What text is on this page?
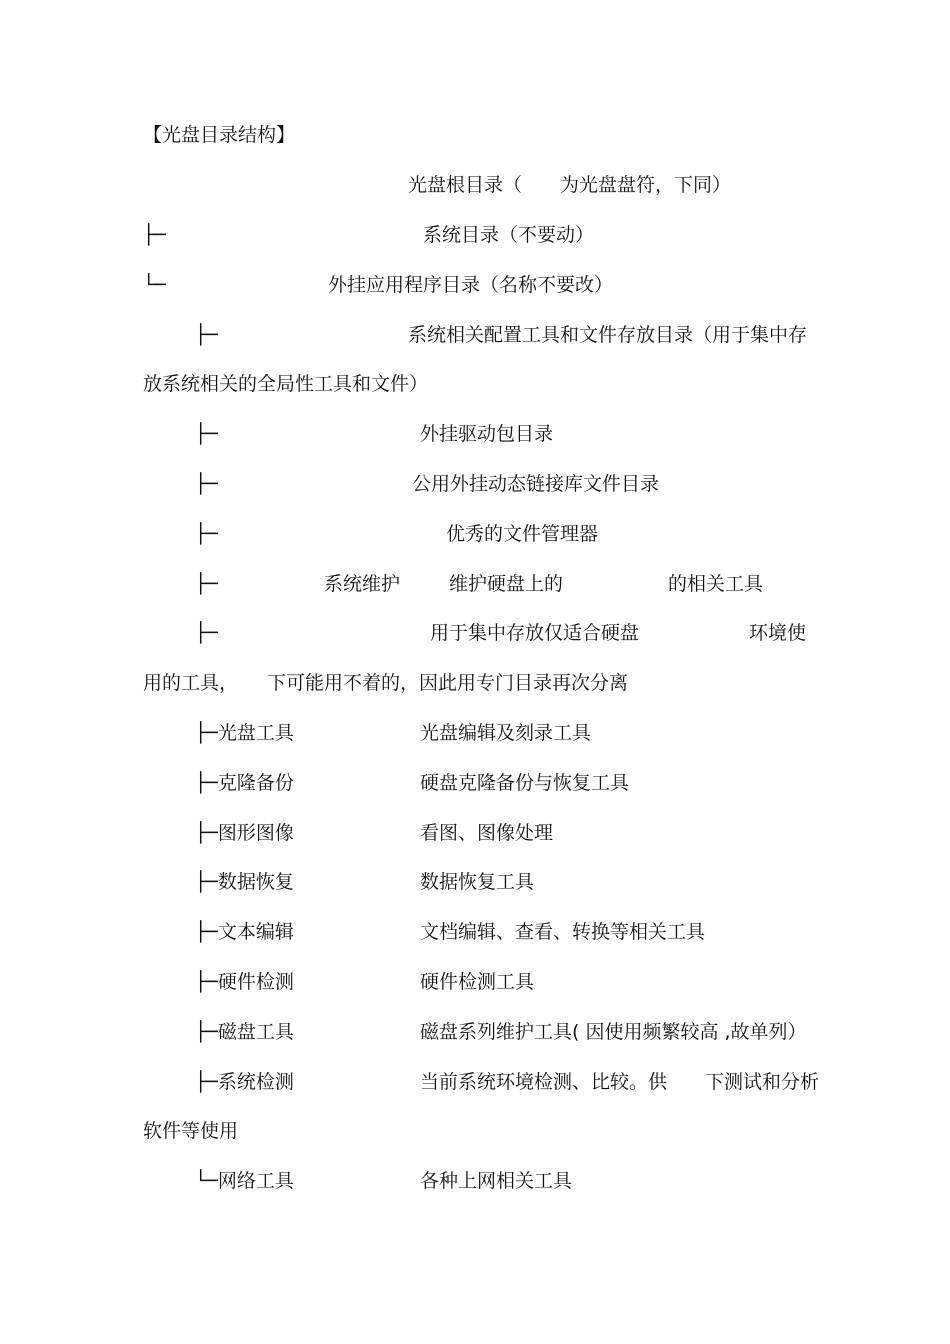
【光盘目录结构】
光盘根目录（　　为光盘盘符，下同）
├─	系统目录（不要动）
└─	外挂应用程序目录（名称不要改）
├─	系统相关配置工具和文件存放目录（用于集中存
放系统相关的全局性工具和文件）
├─	外挂驱动包目录
├─	公用外挂动态链接库文件目录
├─	优秀的文件管理器
├─	系统维护	维护硬盘上的	的相关工具
├─	用于集中存放仅适合硬盘	环境使
用的工具， 下可能用不着的，因此用专门目录再次分离
├─光盘工具	光盘编辑及刻录工具
├─克隆备份	硬盘克隆备份与恢复工具
├─图形图像	看图、图像处理
├─数据恢复	数据恢复工具
├─文本编辑	文档编辑、查看、转换等相关工具
├─硬件检测	硬件检测工具
├─磁盘工具	磁盘系列维护工具( 因使用频繁较高 ,故单列）
├─系统检测	当前系统环境检测、比较。供　　下测试和分析
软件等使用
└─网络工具	各种上网相关工具
